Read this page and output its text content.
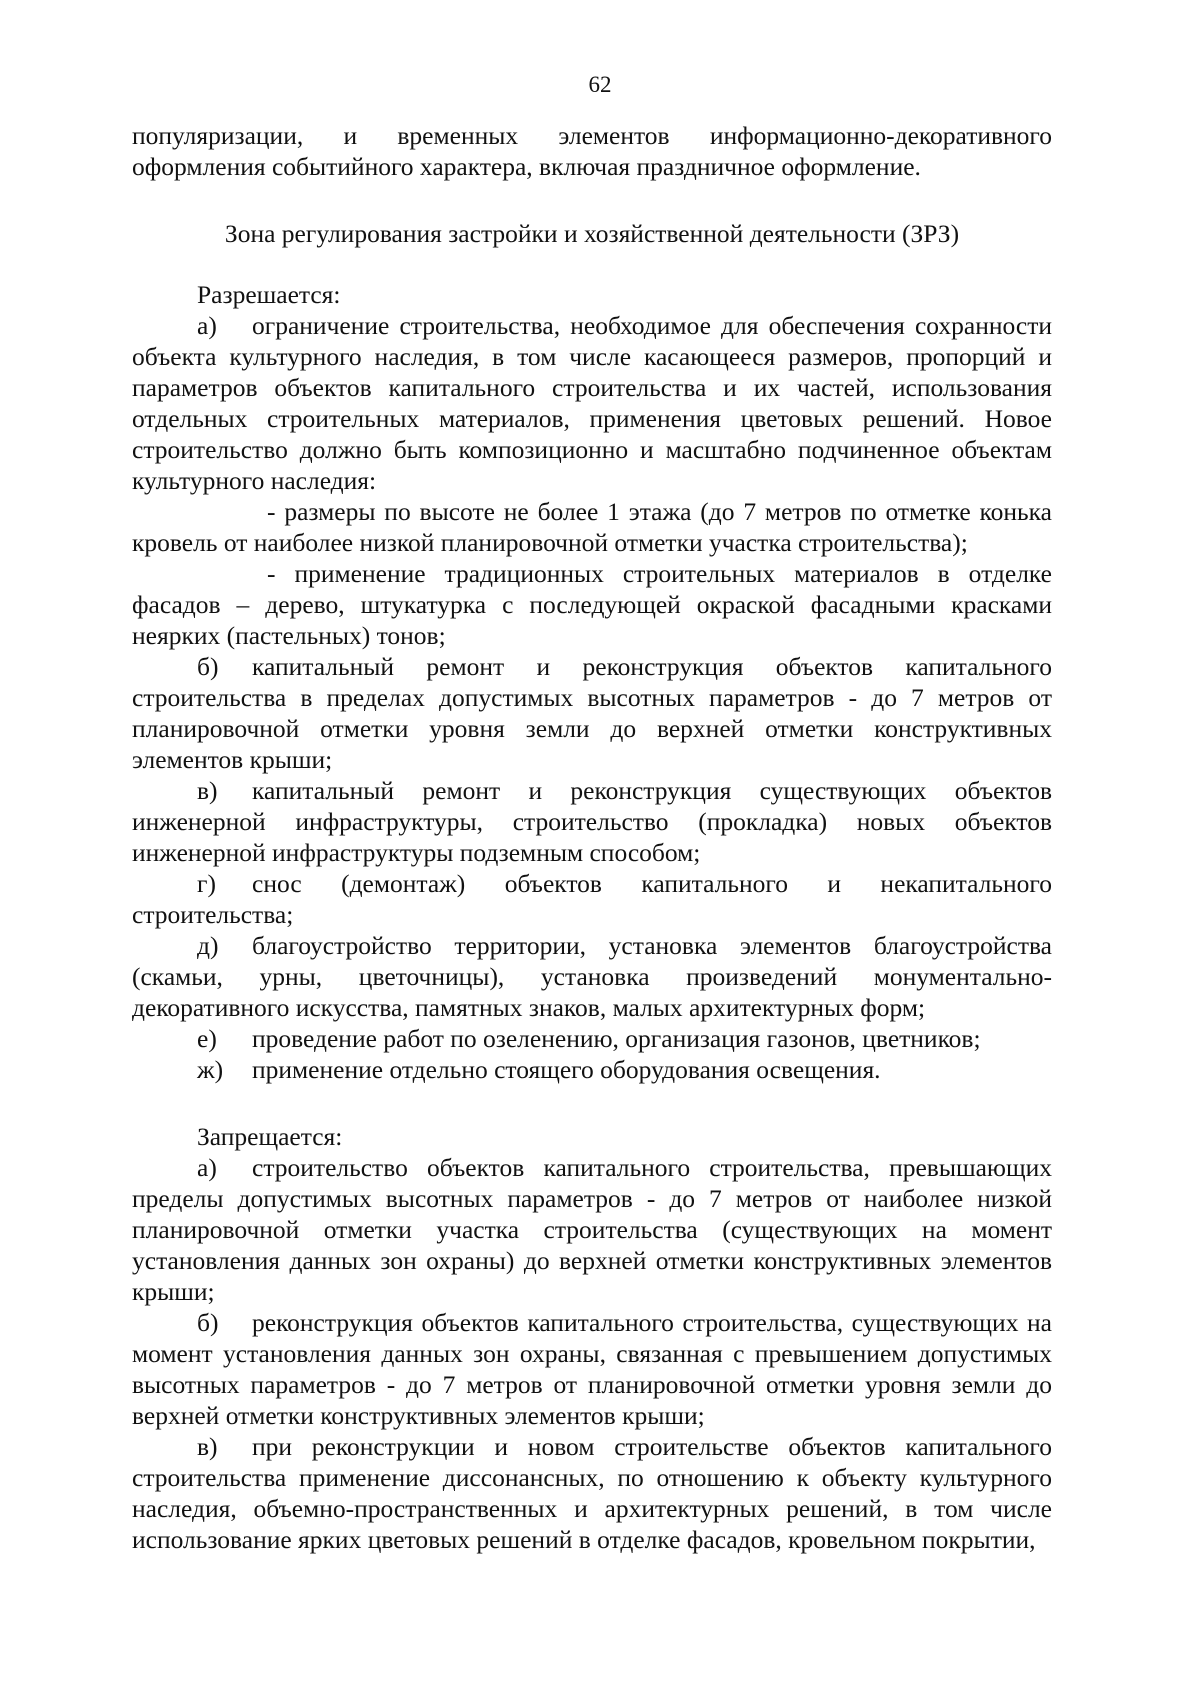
62

популяризации, и временных элементов информационно-декоративного оформления событийного характера, включая праздничное оформление.

Зона регулирования застройки и хозяйственной деятельности (ЗРЗ)

Разрешается:

а) ограничение строительства, необходимое для обеспечения сохранности объекта культурного наследия, в том числе касающееся размеров, пропорций и параметров объектов капитального строительства и их частей, использования отдельных строительных материалов, применения цветовых решений. Новое строительство должно быть композиционно и масштабно подчиненное объектам культурного наследия:

- размеры по высоте не более 1 этажа (до 7 метров по отметке конька кровель от наиболее низкой планировочной отметки участка строительства);

- применение традиционных строительных материалов в отделке фасадов – дерево, штукатурка с последующей окраской фасадными красками неярких (пастельных) тонов;

б) капитальный ремонт и реконструкция объектов капитального строительства в пределах допустимых высотных параметров - до 7 метров от планировочной отметки уровня земли до верхней отметки конструктивных элементов крыши;

в) капитальный ремонт и реконструкция существующих объектов инженерной инфраструктуры, строительство (прокладка) новых объектов инженерной инфраструктуры подземным способом;

г) снос (демонтаж) объектов капитального и некапитального строительства;

д) благоустройство территории, установка элементов благоустройства (скамьи, урны, цветочницы), установка произведений монументально-декоративного искусства, памятных знаков, малых архитектурных форм;

е) проведение работ по озеленению, организация газонов, цветников;

ж) применение отдельно стоящего оборудования освещения.

Запрещается:

а) строительство объектов капитального строительства, превышающих пределы допустимых высотных параметров - до 7 метров от наиболее низкой планировочной отметки участка строительства (существующих на момент установления данных зон охраны) до верхней отметки конструктивных элементов крыши;

б) реконструкция объектов капитального строительства, существующих на момент установления данных зон охраны, связанная с превышением допустимых высотных параметров - до 7 метров от планировочной отметки уровня земли до верхней отметки конструктивных элементов крыши;

в) при реконструкции и новом строительстве объектов капитального строительства применение диссонансных, по отношению к объекту культурного наследия, объемно-пространственных и архитектурных решений, в том числе использование ярких цветовых решений в отделке фасадов, кровельном покрытии,
